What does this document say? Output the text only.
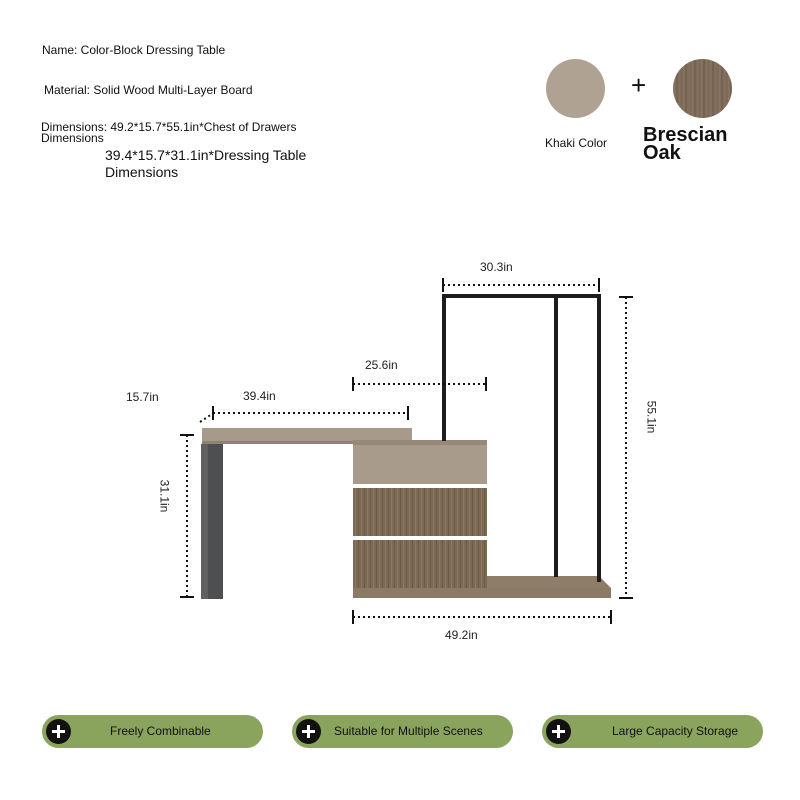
Name: Color-Block Dressing Table
Material: Solid Wood Multi-Layer Board
Dimensions: 49.2*15.7*55.1in*Chest of Drawers
Dimensions
39.4*15.7*31.1in*Dressing Table
Dimensions
+
Khaki Color Brescian
Oak
30.3in
25.6in
15.7in	39.4in
31.1in
55.1in
49.2in
Freely Combinable	Suitable for Multiple Scenes	Large Capacity Storage
